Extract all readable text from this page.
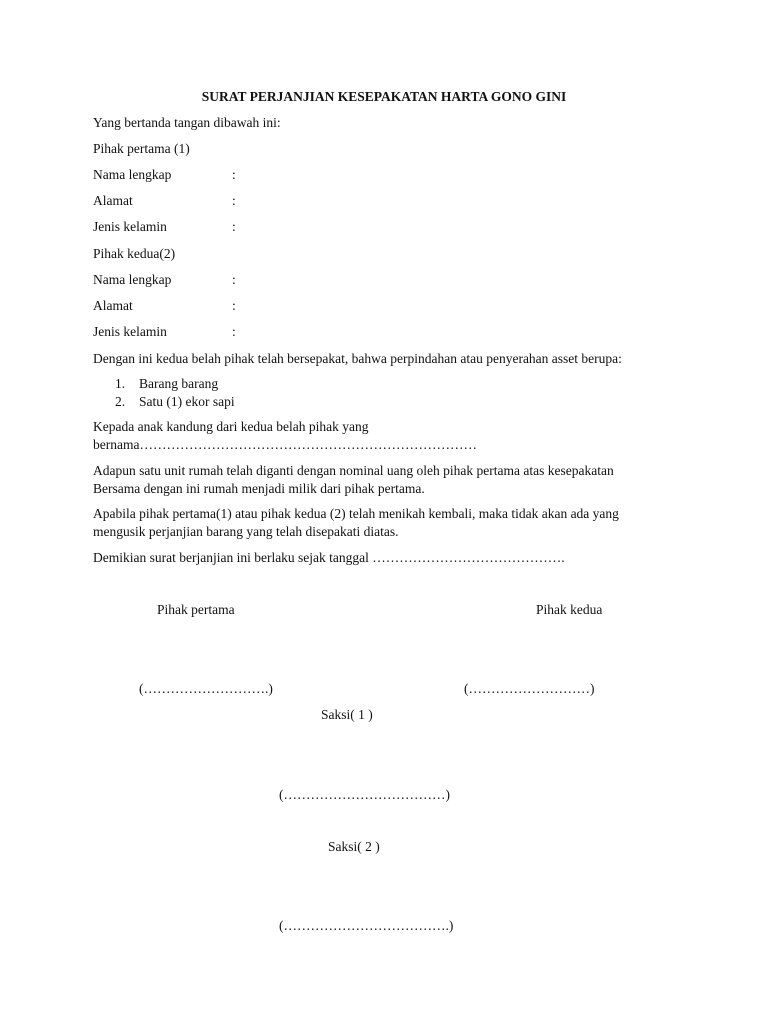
SURAT PERJANJIAN KESEPAKATAN HARTA GONO GINI
Yang bertanda tangan dibawah ini:
Pihak pertama (1)
Nama lengkap	:
Alamat	:
Jenis kelamin	:
Pihak kedua(2)
Nama lengkap	:
Alamat	:
Jenis kelamin	:
Dengan ini kedua belah pihak telah bersepakat, bahwa perpindahan atau penyerahan asset berupa:
1. Barang barang
2. Satu (1) ekor sapi
Kepada anak kandung dari kedua belah pihak yang
bernama…………………………………………………………………
Adapun satu unit rumah telah diganti dengan nominal uang oleh pihak pertama atas kesepakatan
Bersama dengan ini rumah menjadi milik dari pihak pertama.
Apabila pihak pertama(1) atau pihak kedua (2) telah menikah kembali, maka tidak akan ada yang
mengusik perjanjian barang yang telah disepakati diatas.
Demikian surat berjanjian ini berlaku sejak tanggal …………………………………….
Pihak pertama	Pihak kedua
(……………………….)	(………………………)
Saksi( 1 )
(………………………………)
Saksi( 2 )
(……………………………….)
